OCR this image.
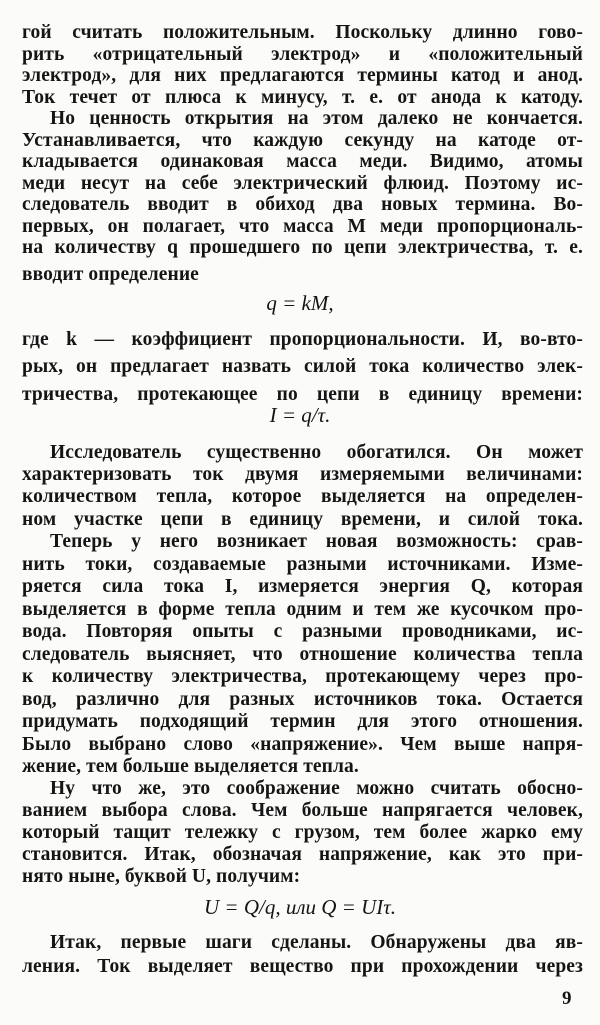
гой считать положительным. Поскольку длинно гово-
рить «отрицательный электрод» и «положительный
электрод», для них предлагаются термины катод и анод.
Ток течет от плюса к минусу, т. е. от анода к катоду.
Но ценность открытия на этом далеко не кончается.
Устанавливается, что каждую секунду на катоде от-
кладывается одинаковая масса меди. Видимо, атомы
меди несут на себе электрический флюид. Поэтому ис-
следователь вводит в обиход два новых термина. Во-
первых, он полагает, что масса M меди пропорциональ-
на количеству q прошедшего по цепи электричества, т. е.
вводит определение
q = kM,
где k — коэффициент пропорциональности. И, во-вто-
рых, он предлагает назвать силой тока количество элек-
тричества, протекающее по цепи в единицу времени:
I = q/τ.
Исследователь существенно обогатился. Он может
характеризовать ток двумя измеряемыми величинами:
количеством тепла, которое выделяется на определен-
ном участке цепи в единицу времени, и силой тока.
Теперь у него возникает новая возможность: срав-
нить токи, создаваемые разными источниками. Изме-
ряется сила тока I, измеряется энергия Q, которая
выделяется в форме тепла одним и тем же кусочком про-
вода. Повторяя опыты с разными проводниками, ис-
следователь выясняет, что отношение количества тепла
к количеству электричества, протекающему через про-
вод, различно для разных источников тока. Остается
придумать подходящий термин для этого отношения.
Было выбрано слово «напряжение». Чем выше напря-
жение, тем больше выделяется тепла.
Ну что же, это соображение можно считать обосно-
ванием выбора слова. Чем больше напрягается человек,
который тащит тележку с грузом, тем более жарко ему
становится. Итак, обозначая напряжение, как это при-
нято ныне, буквой U, получим:
U = Q/q, или Q = UIτ.
Итак, первые шаги сделаны. Обнаружены два яв-
ления. Ток выделяет вещество при прохождении через
9
